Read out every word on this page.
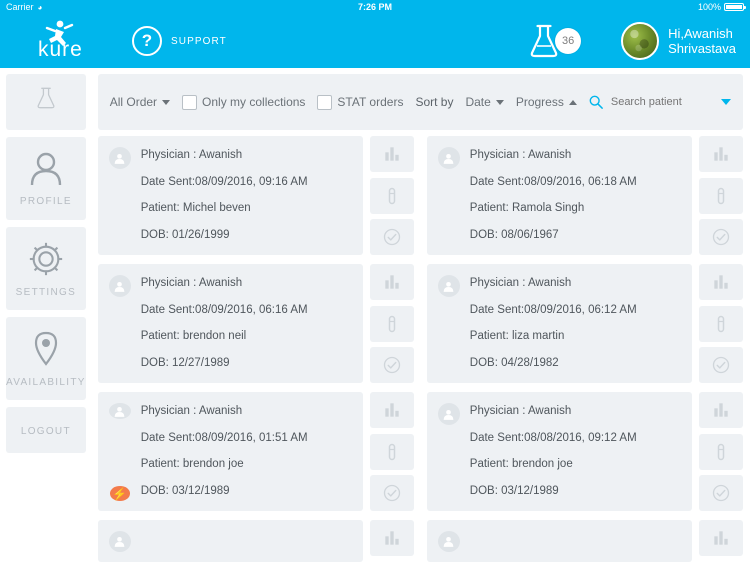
Carrier ◕	7:26 PM	100%
kure	?	SUPPORT	36	Hi,Awanish
Shrivastava
PROFILE
SETTINGS
AVAILABILITY
LOGOUT
All Order	Only my collections	STAT orders Sort by Date Progress
Search patient
Physician : Awanish
Date Sent:08/09/2016, 09:16 AM
Patient: Michel beven
DOB: 01/26/1999
Physician : Awanish
Date Sent:08/09/2016, 06:18 AM
Patient: Ramola Singh
DOB: 08/06/1967
Physician : Awanish
Date Sent:08/09/2016, 06:16 AM
Patient: brendon neil
DOB: 12/27/1989
Physician : Awanish
Date Sent:08/09/2016, 06:12 AM
Patient: liza martin
DOB: 04/28/1982
⚡
Physician : Awanish
Date Sent:08/09/2016, 01:51 AM
Patient: brendon joe
DOB: 03/12/1989
Physician : Awanish
Date Sent:08/08/2016, 09:12 AM
Patient: brendon joe
DOB: 03/12/1989
